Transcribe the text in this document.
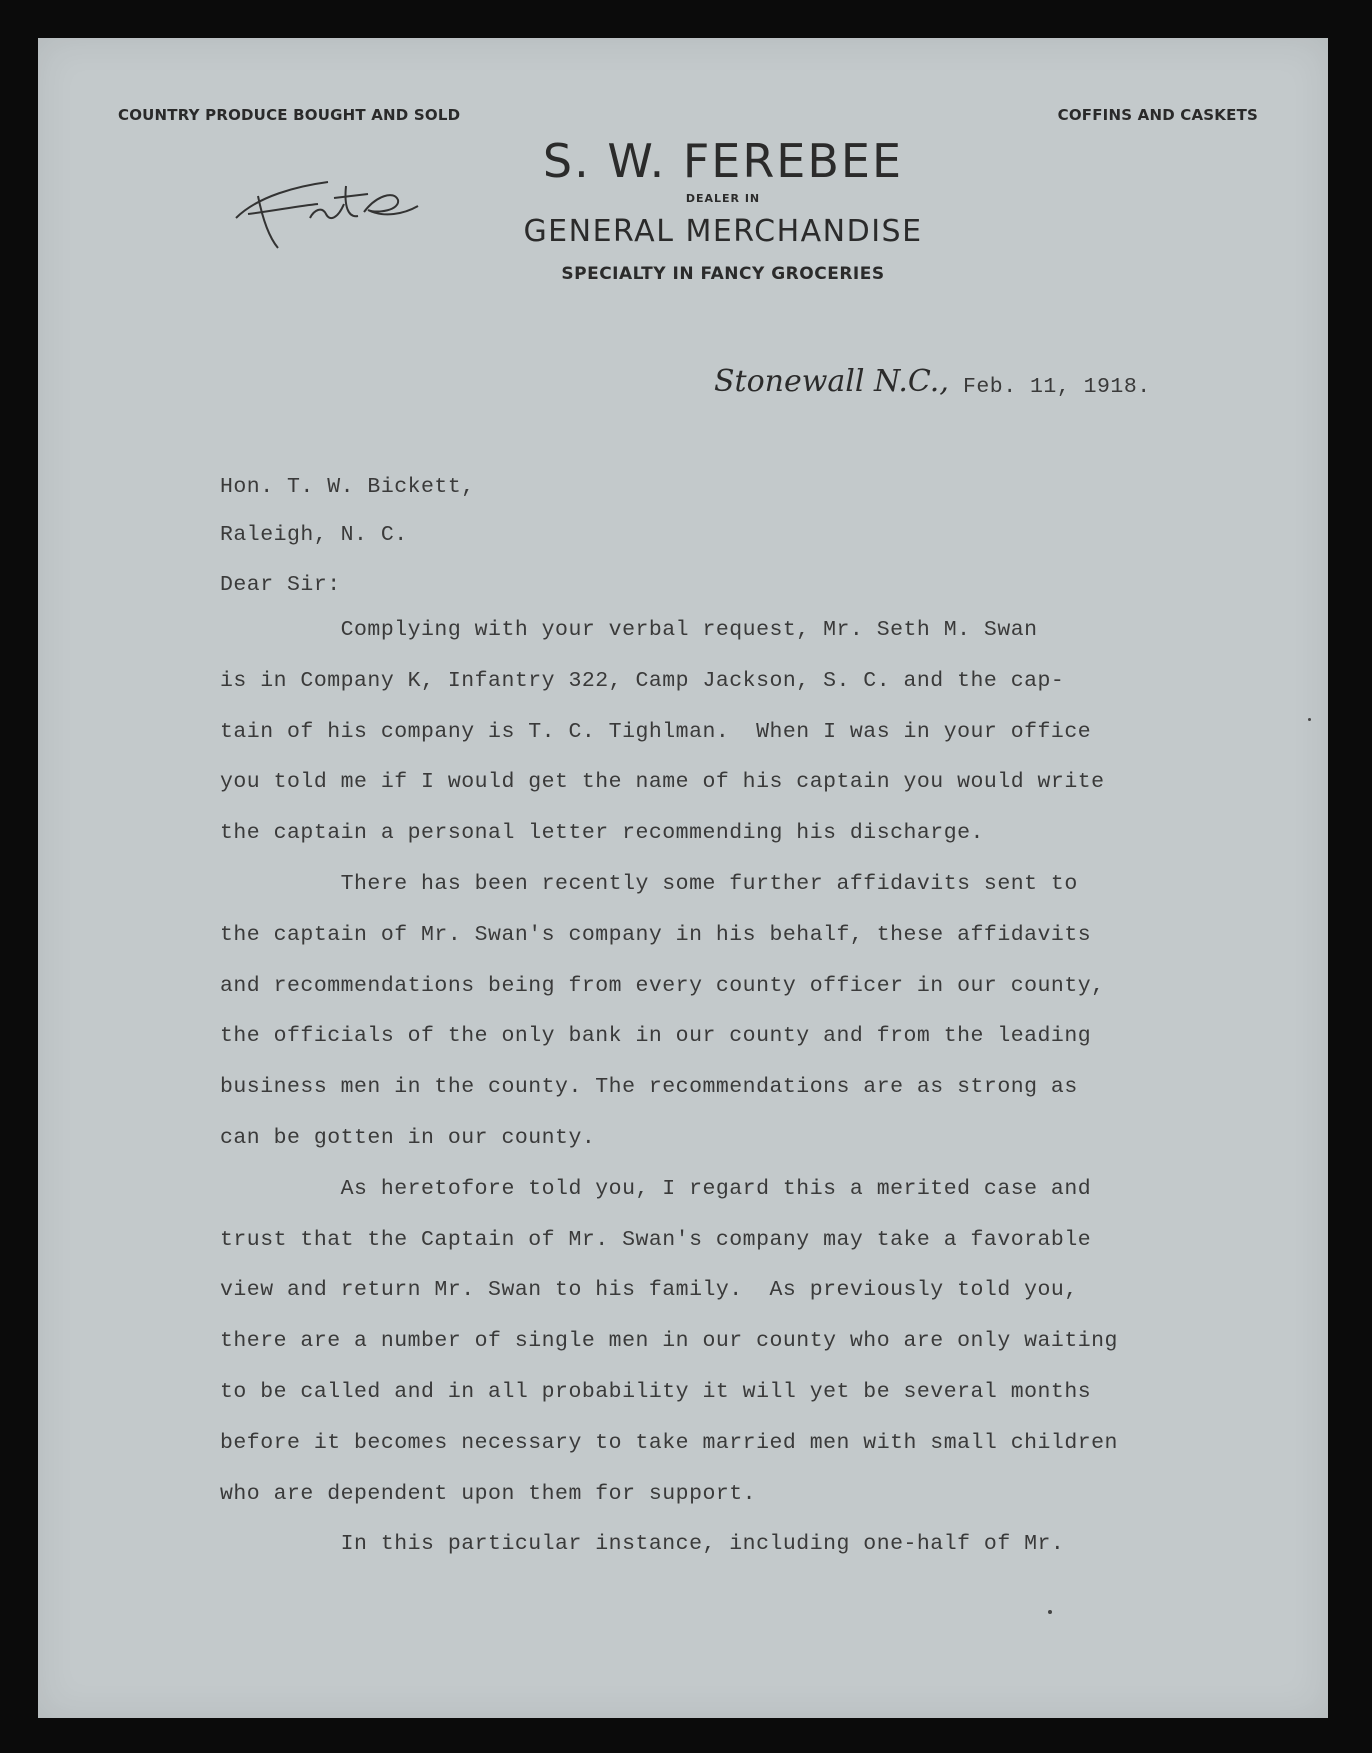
COUNTRY PRODUCE BOUGHT AND SOLD	COFFINS AND CASKETS
S. W. FEREBEE
DEALER IN
GENERAL MERCHANDISE
SPECIALTY IN FANCY GROCERIES
Stonewall N.C., Feb. 11, 1918.
Hon. T. W. Bickett,
Raleigh, N. C.
Dear Sir:
Complying with your verbal request, Mr. Seth M. Swan
is in Company K, Infantry 322, Camp Jackson, S. C. and the cap-
tain of his company is T. C. Tighlman.  When I was in your office
you told me if I would get the name of his captain you would write
the captain a personal letter recommending his discharge.
There has been recently some further affidavits sent to
the captain of Mr. Swan's company in his behalf, these affidavits
and recommendations being from every county officer in our county,
the officials of the only bank in our county and from the leading
business men in the county. The recommendations are as strong as
can be gotten in our county.
As heretofore told you, I regard this a merited case and
trust that the Captain of Mr. Swan's company may take a favorable
view and return Mr. Swan to his family.  As previously told you,
there are a number of single men in our county who are only waiting
to be called and in all probability it will yet be several months
before it becomes necessary to take married men with small children
who are dependent upon them for support.
In this particular instance, including one-half of Mr.
